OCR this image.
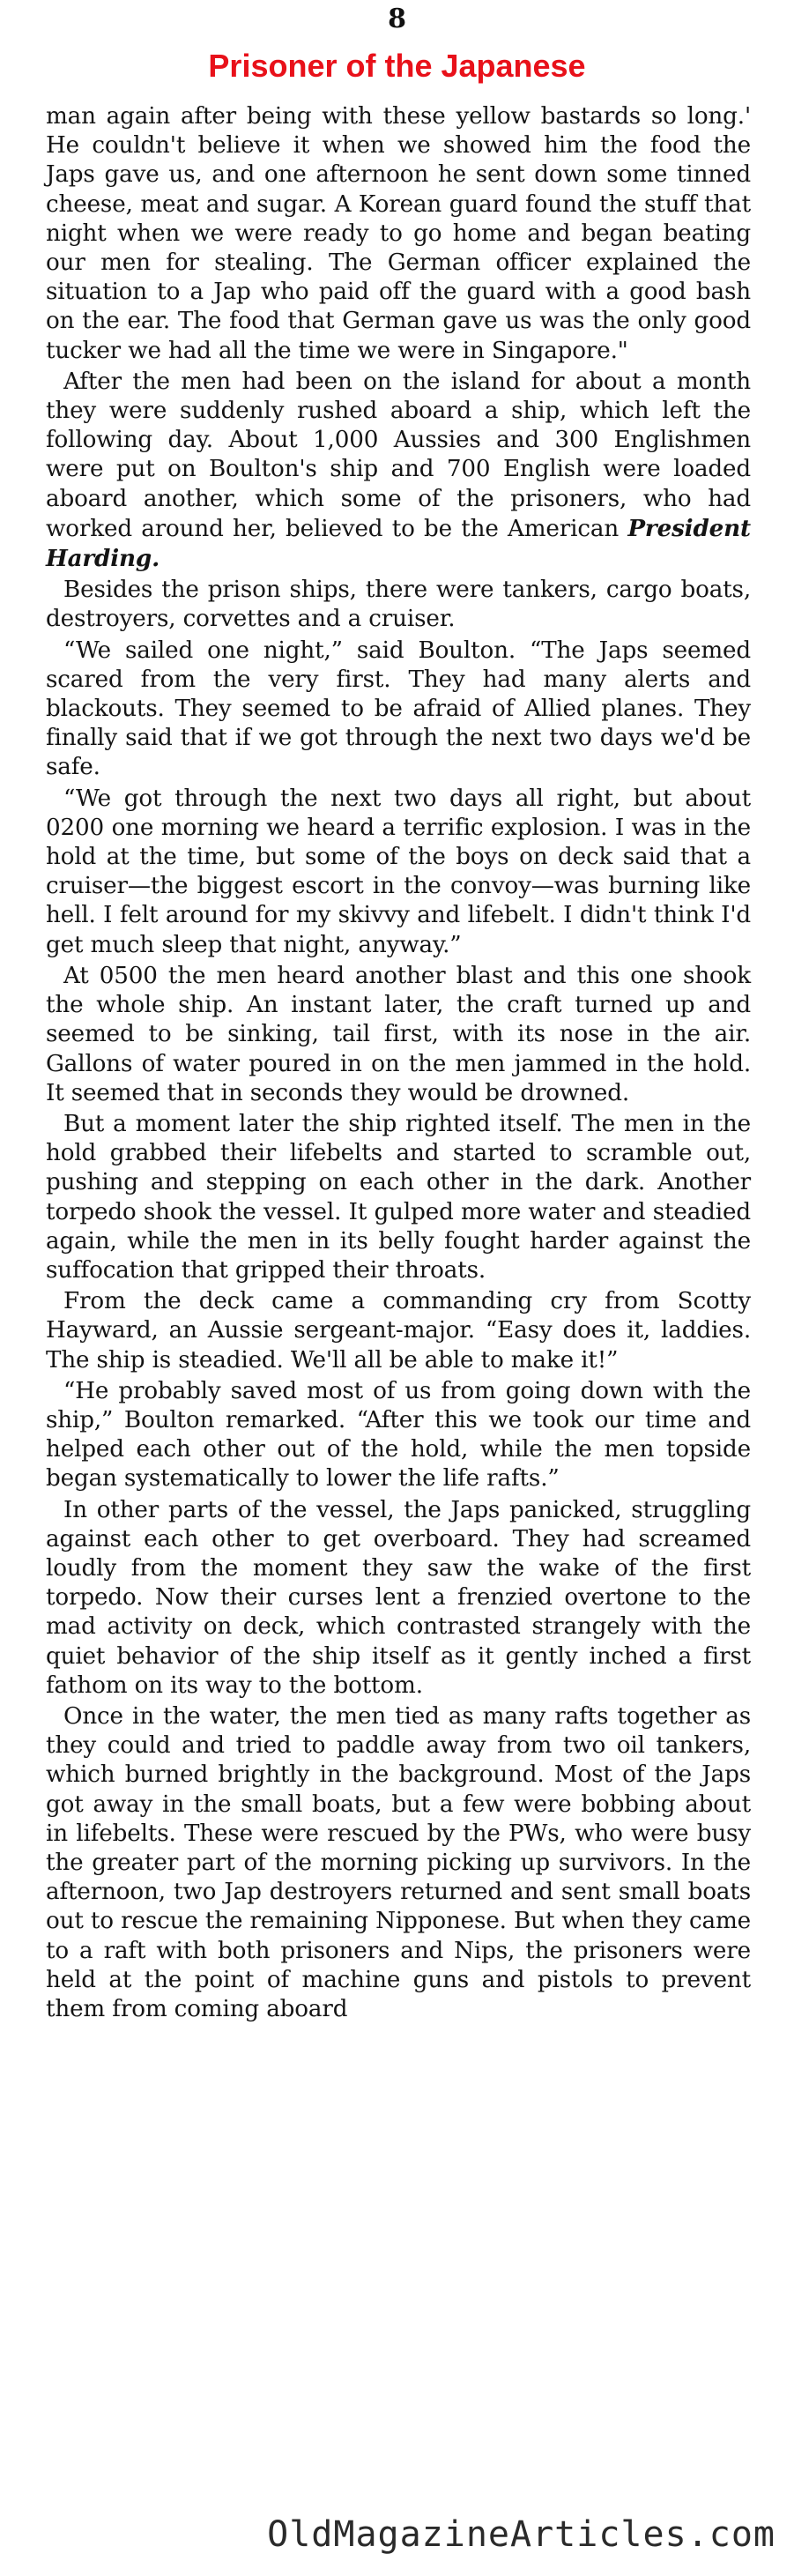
8
Prisoner of the Japanese

man again after being with these yellow bastards so long.' He couldn't believe it when we showed him the food the Japs gave us, and one afternoon he sent down some tinned cheese, meat and sugar. A Korean guard found the stuff that night when we were ready to go home and began beating our men for stealing. The German officer explained the situation to a Jap who paid off the guard with a good bash on the ear. The food that German gave us was the only good tucker we had all the time we were in Singapore."

After the men had been on the island for about a month they were suddenly rushed aboard a ship, which left the following day. About 1,000 Aussies and 300 Englishmen were put on Boulton's ship and 700 English were loaded aboard another, which some of the prisoners, who had worked around her, believed to be the American President Harding.

Besides the prison ships, there were tankers, cargo boats, destroyers, corvettes and a cruiser.

“We sailed one night,” said Boulton. “The Japs seemed scared from the very first. They had many alerts and blackouts. They seemed to be afraid of Allied planes. They finally said that if we got through the next two days we'd be safe.

“We got through the next two days all right, but about 0200 one morning we heard a terrific explosion. I was in the hold at the time, but some of the boys on deck said that a cruiser—the biggest escort in the convoy—was burning like hell. I felt around for my skivvy and lifebelt. I didn't think I'd get much sleep that night, anyway.”

At 0500 the men heard another blast and this one shook the whole ship. An instant later, the craft turned up and seemed to be sinking, tail first, with its nose in the air. Gallons of water poured in on the men jammed in the hold. It seemed that in seconds they would be drowned.

But a moment later the ship righted itself. The men in the hold grabbed their lifebelts and started to scramble out, pushing and stepping on each other in the dark. Another torpedo shook the vessel. It gulped more water and steadied again, while the men in its belly fought harder against the suffocation that gripped their throats.

From the deck came a commanding cry from Scotty Hayward, an Aussie sergeant-major. “Easy does it, laddies. The ship is steadied. We'll all be able to make it!”

“He probably saved most of us from going down with the ship,” Boulton remarked. “After this we took our time and helped each other out of the hold, while the men topside began systematically to lower the life rafts.”

In other parts of the vessel, the Japs panicked, struggling against each other to get overboard. They had screamed loudly from the moment they saw the wake of the first torpedo. Now their curses lent a frenzied overtone to the mad activity on deck, which contrasted strangely with the quiet behavior of the ship itself as it gently inched a first fathom on its way to the bottom.

Once in the water, the men tied as many rafts together as they could and tried to paddle away from two oil tankers, which burned brightly in the background. Most of the Japs got away in the small boats, but a few were bobbing about in lifebelts. These were rescued by the PWs, who were busy the greater part of the morning picking up survivors. In the afternoon, two Jap destroyers returned and sent small boats out to rescue the remaining Nipponese. But when they came to a raft with both prisoners and Nips, the prisoners were held at the point of machine guns and pistols to prevent them from coming aboard

OldMagazineArticles.com
